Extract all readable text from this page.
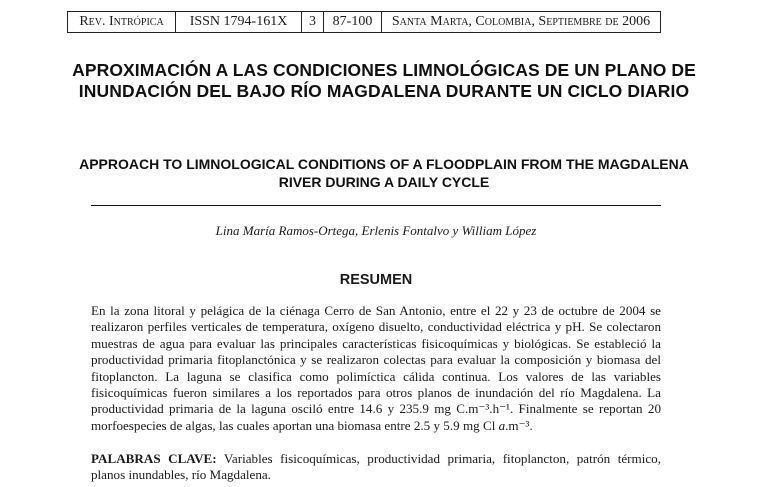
Rev. Intrópica	ISSN 1794-161X	3	87-100	Santa Marta, Colombia, Septiembre de 2006
APROXIMACIÓN A LAS CONDICIONES LIMNOLÓGICAS DE UN PLANO DE INUNDACIÓN DEL BAJO RÍO MAGDALENA DURANTE UN CICLO DIARIO
APPROACH TO LIMNOLOGICAL CONDITIONS OF A FLOODPLAIN FROM THE MAGDALENA RIVER DURING A DAILY CYCLE
Lina María Ramos-Ortega, Erlenis Fontalvo y William López
RESUMEN

En la zona litoral y pelágica de la ciénaga Cerro de San Antonio, entre el 22 y 23 de octubre de 2004 se realizaron perfiles verticales de temperatura, oxígeno disuelto, conductividad eléctrica y pH. Se colectaron muestras de agua para evaluar las principales características fisicoquímicas y biológicas. Se estableció la productividad primaria fitoplanctónica y se realizaron colectas para evaluar la composición y biomasa del fitoplancton. La laguna se clasifica como polimíctica cálida continua. Los valores de las variables fisicoquímicas fueron similares a los reportados para otros planos de inundación del río Magdalena. La productividad primaria de la laguna osciló entre 14.6 y 235.9 mg C.m⁻³.h⁻¹. Finalmente se reportan 20 morfoespecies de algas, las cuales aportan una biomasa entre 2.5 y 5.9 mg Cl a.m⁻³.

PALABRAS CLAVE: Variables fisicoquímicas, productividad primaria, fitoplancton, patrón térmico, planos inundables, río Magdalena.
